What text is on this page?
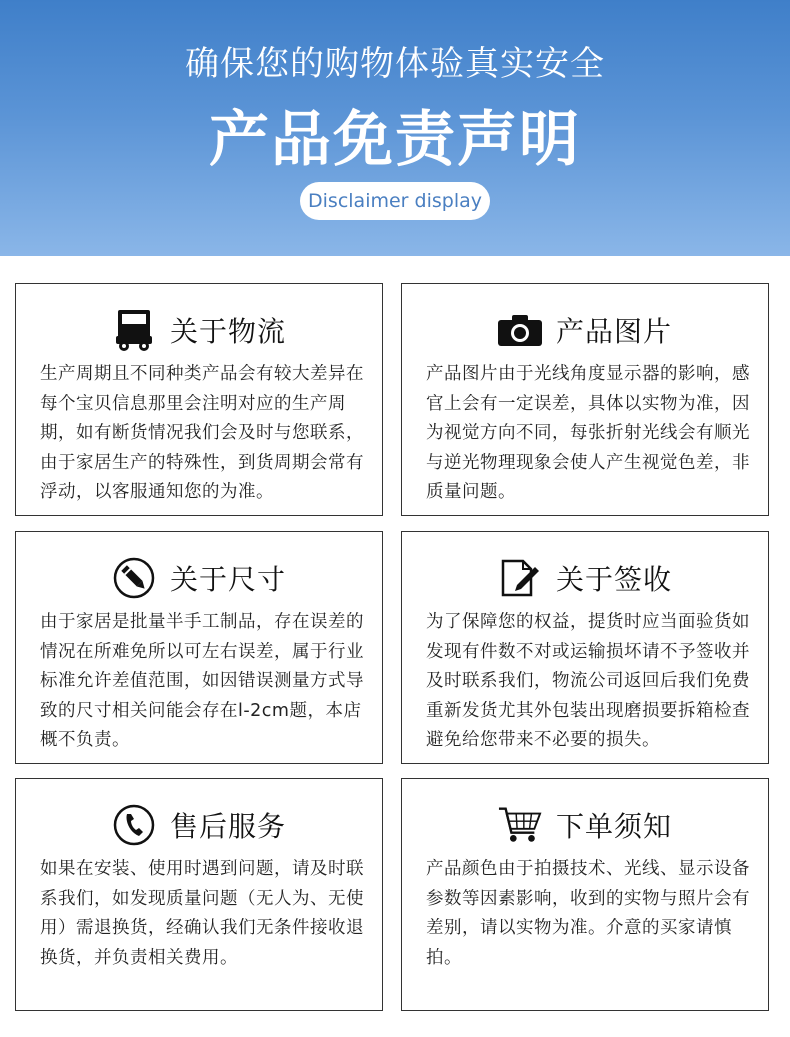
确保您的购物体验真实安全
产品免责声明
Disclaimer display
关于物流
生产周期且不同种类产品会有较大差异在每个宝贝信息那里会注明对应的生产周期，如有断货情况我们会及时与您联系，由于家居生产的特殊性，到货周期会常有浮动，以客服通知您的为准。
产品图片
产品图片由于光线角度显示器的影响，感官上会有一定误差，具体以实物为准，因为视觉方向不同，每张折射光线会有顺光与逆光物理现象会使人产生视觉色差，非质量问题。
关于尺寸
由于家居是批量半手工制品，存在误差的情况在所难免所以可左右误差，属于行业标准允许差值范围，如因错误测量方式导致的尺寸相关问能会存在l-2cm题，本店概不负责。
关于签收
为了保障您的权益，提货时应当面验货如发现有件数不对或运输损坏请不予签收并及时联系我们，物流公司返回后我们免费重新发货尤其外包装出现磨损要拆箱检查避免给您带来不必要的损失。
售后服务
如果在安装、使用时遇到问题，请及时联系我们，如发现质量问题（无人为、无使用）需退换货，经确认我们无条件接收退换货，并负责相关费用。
下单须知
产品颜色由于拍摄技术、光线、显示设备参数等因素影响，收到的实物与照片会有差别，请以实物为准。介意的买家请慎拍。
